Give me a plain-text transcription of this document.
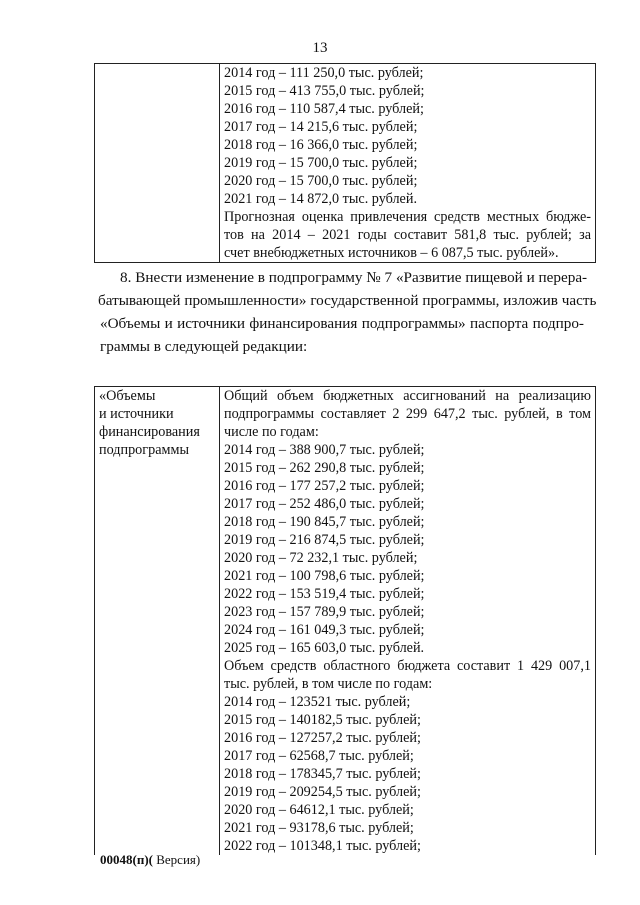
13

2014 год – 111 250,0 тыс. рублей;
2015 год – 413 755,0 тыс. рублей;
2016 год – 110 587,4 тыс. рублей;
2017 год – 14 215,6 тыс. рублей;
2018 год – 16 366,0 тыс. рублей;
2019 год – 15 700,0 тыс. рублей;
2020 год – 15 700,0 тыс. рублей;
2021 год – 14 872,0 тыс. рублей.
Прогнозная оценка привлечения средств местных бюдже-
тов на 2014 – 2021 годы составит 581,8 тыс. рублей; за
счет внебюджетных источников – 6 087,5 тыс. рублей».
8. Внести изменение в подпрограмму № 7 «Развитие пищевой и перера-
батывающей промышленности» государственной программы, изложив часть
«Объемы и источники финансирования подпрограммы» паспорта подпро-
граммы в следующей редакции:
«Объемы
и источники
финансирования
подпрограммы

Общий объем бюджетных ассигнований на реализацию
подпрограммы составляет 2 299 647,2 тыс. рублей, в том
числе по годам:
2014 год – 388 900,7 тыс. рублей;
2015 год – 262 290,8 тыс. рублей;
2016 год – 177 257,2 тыс. рублей;
2017 год – 252 486,0 тыс. рублей;
2018 год – 190 845,7 тыс. рублей;
2019 год – 216 874,5 тыс. рублей;
2020 год – 72 232,1 тыс. рублей;
2021 год – 100 798,6 тыс. рублей;
2022 год – 153 519,4 тыс. рублей;
2023 год – 157 789,9 тыс. рублей;
2024 год – 161 049,3 тыс. рублей;
2025 год – 165 603,0 тыс. рублей.
Объем средств областного бюджета составит 1 429 007,1
тыс. рублей, в том числе по годам:
2014 год – 123521 тыс. рублей;
2015 год – 140182,5 тыс. рублей;
2016 год – 127257,2 тыс. рублей;
2017 год – 62568,7 тыс. рублей;
2018 год – 178345,7 тыс. рублей;
2019 год – 209254,5 тыс. рублей;
2020 год – 64612,1 тыс. рублей;
2021 год – 93178,6 тыс. рублей;
2022 год – 101348,1 тыс. рублей;
00048(п)( Версия)
